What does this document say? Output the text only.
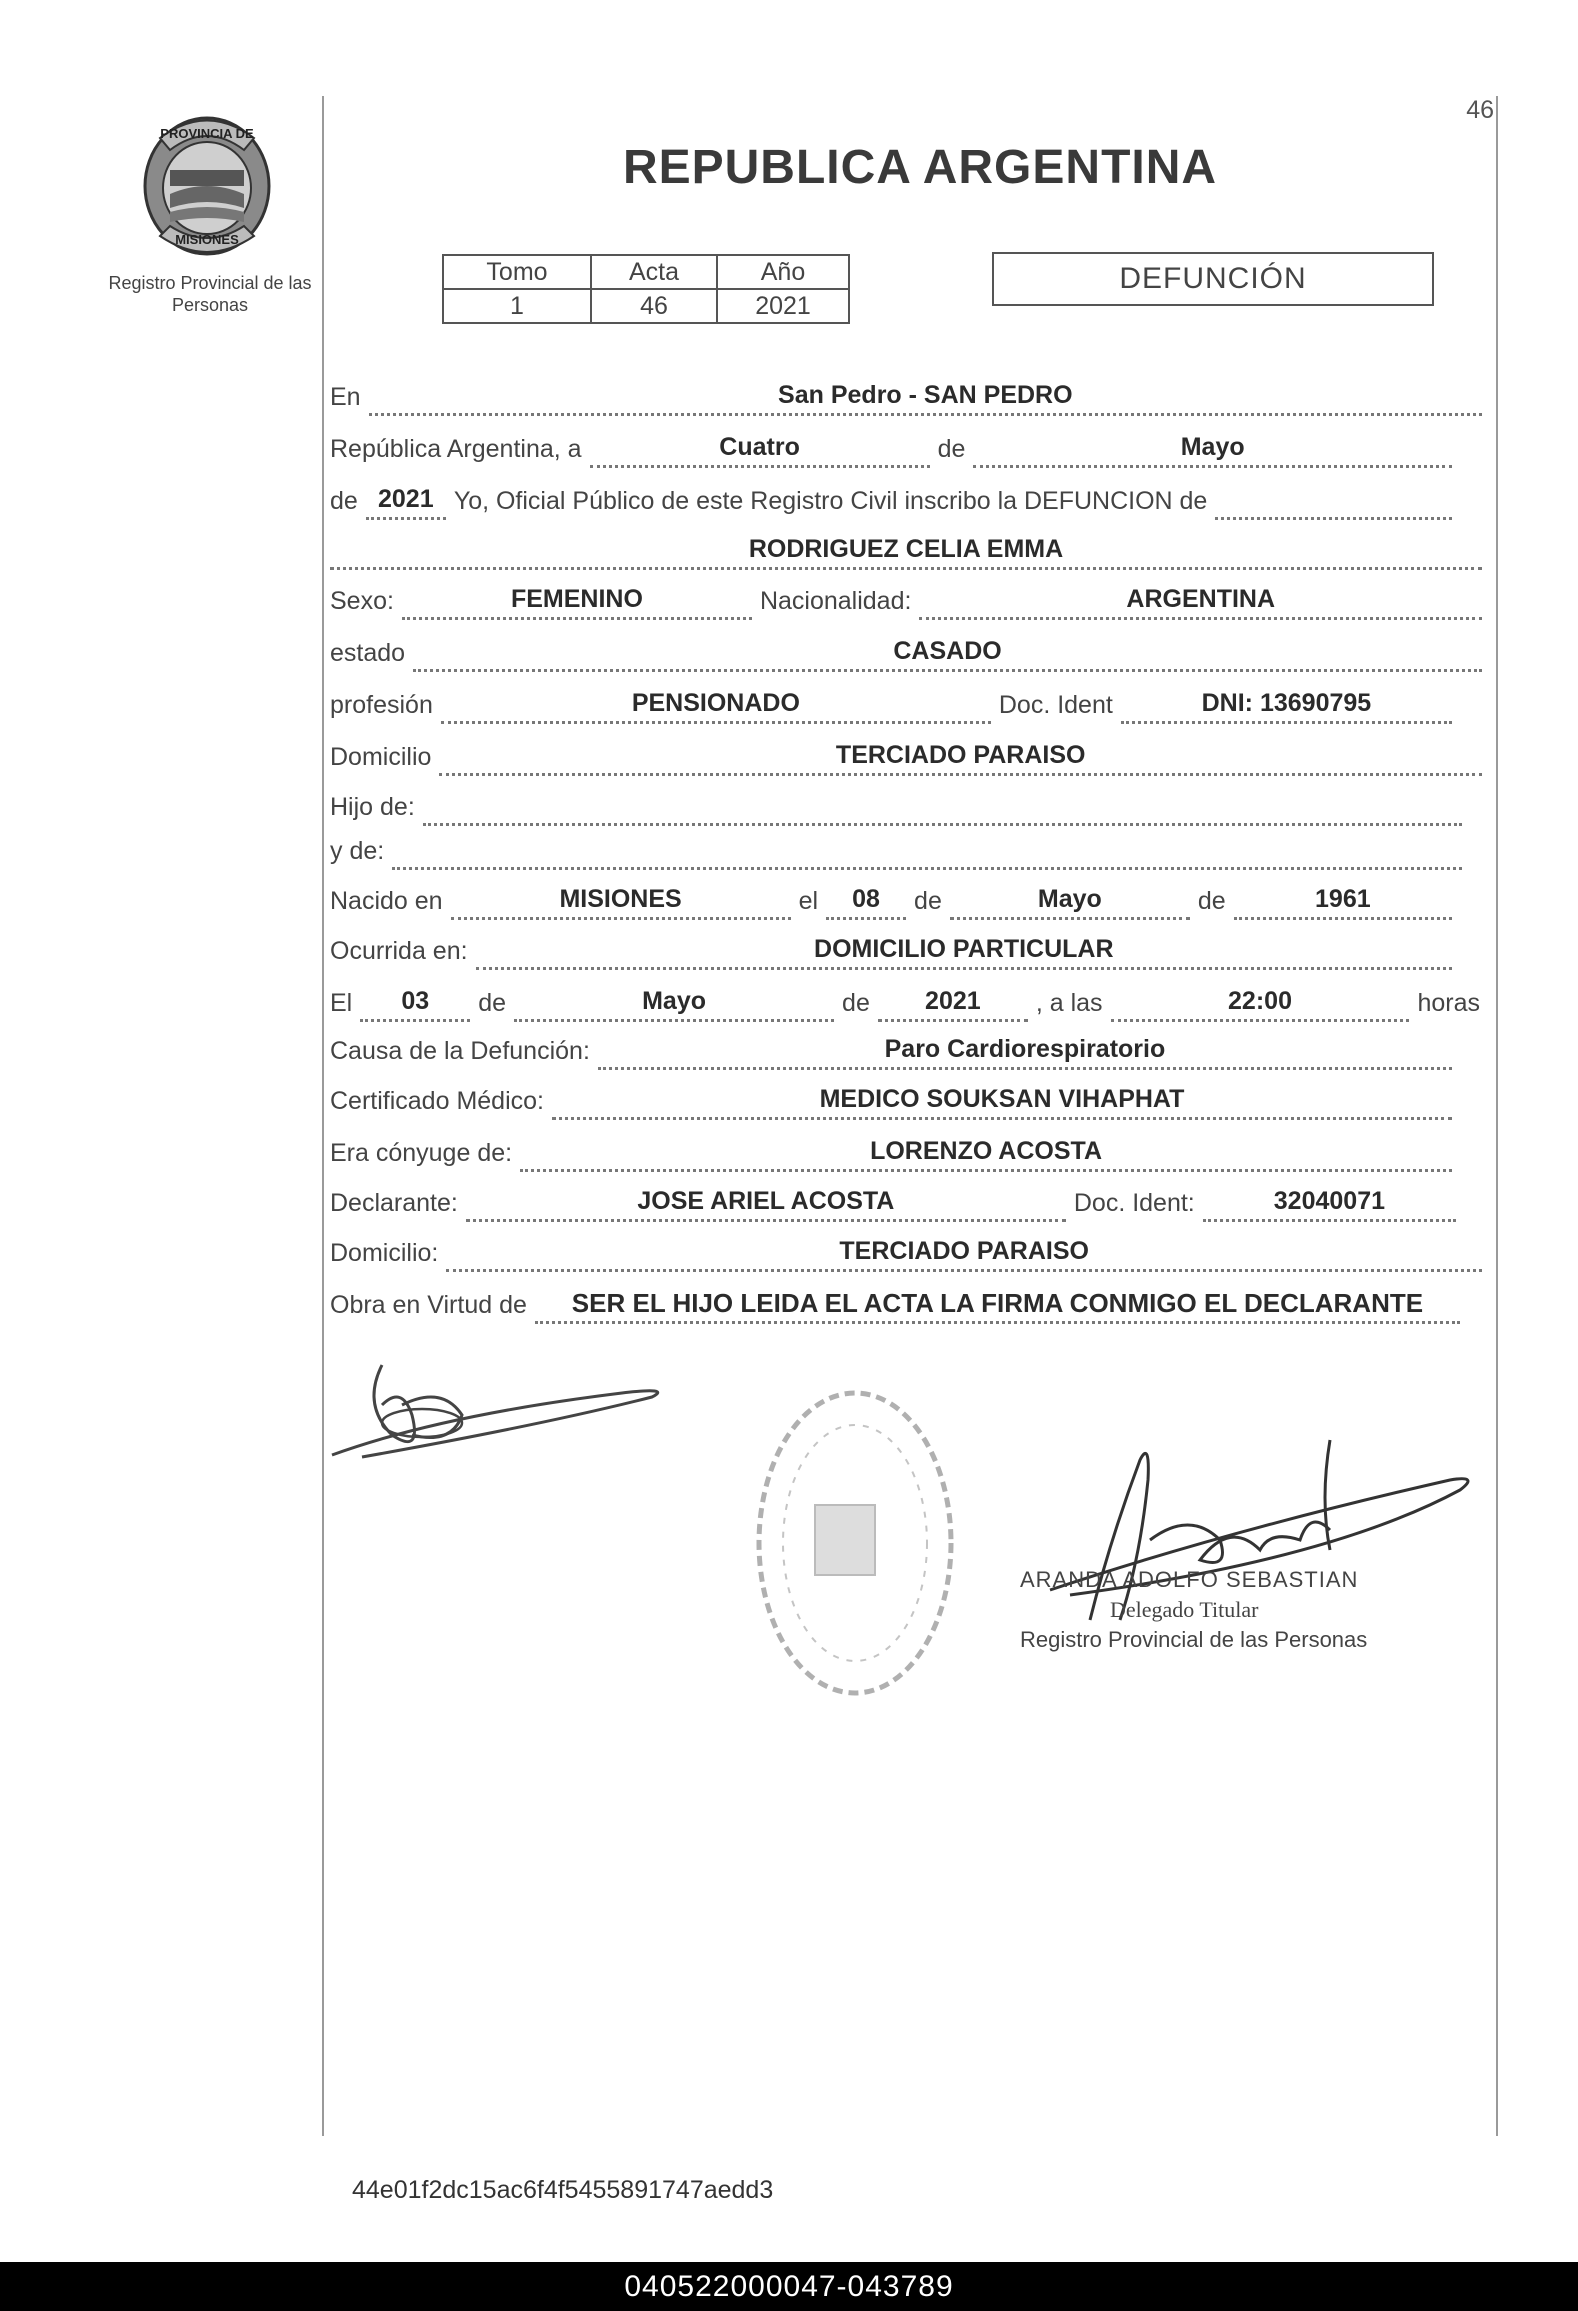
46
PROVINCIA DE
MISIONES
Registro Provincial de las Personas
REPUBLICA ARGENTINA
Tomo	Acta	Año
1	46	2021
DEFUNCIÓN
En	San Pedro - SAN PEDRO
República Argentina, a	Cuatro	de	Mayo
de 2021 Yo, Oficial Público de este Registro Civil inscribo la DEFUNCION de
RODRIGUEZ CELIA EMMA
Sexo:	FEMENINO	Nacionalidad:	ARGENTINA
estado	CASADO
profesión	PENSIONADO	Doc. Ident	DNI: 13690795
Domicilio	TERCIADO PARAISO
Hijo de:
y de:
Nacido en	MISIONES	el	08	de	Mayo	de	1961
Ocurrida en:	DOMICILIO PARTICULAR
El	03	de	Mayo	de	2021	, a las	22:00	horas
Causa de la Defunción:	Paro Cardiorespiratorio
Certificado Médico:	MEDICO SOUKSAN VIHAPHAT
Era cónyuge de:	LORENZO ACOSTA
Declarante:	JOSE ARIEL ACOSTA	Doc. Ident:	32040071
Domicilio:	TERCIADO PARAISO
Obra en Virtud de	SER EL HIJO LEIDA EL ACTA LA FIRMA CONMIGO EL DECLARANTE
ARANDA ADOLFO SEBASTIAN
Delegado Titular
Registro Provincial de las Personas
44e01f2dc15ac6f4f5455891747aedd3
040522000047-043789
